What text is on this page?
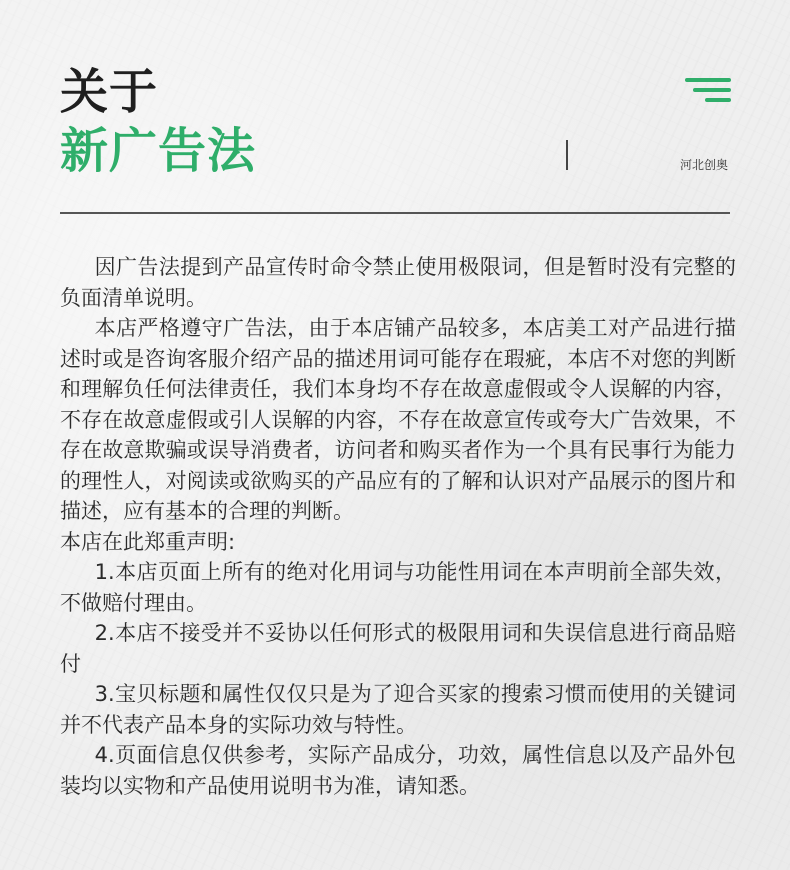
关于
新广告法	河北创奥

因广告法提到产品宣传时命令禁止使用极限词，但是暂时没有完整的负面清单说明。

本店严格遵守广告法，由于本店铺产品较多，本店美工对产品进行描述时或是咨询客服介绍产品的描述用词可能存在瑕疵，本店不对您的判断和理解负任何法律责任，我们本身均不存在故意虚假或令人误解的内容，不存在故意虚假或引人误解的内容，不存在故意宣传或夸大广告效果，不存在故意欺骗或误导消费者，访问者和购买者作为一个具有民事行为能力的理性人，对阅读或欲购买的产品应有的了解和认识对产品展示的图片和描述，应有基本的合理的判断。

本店在此郑重声明:

1.本店页面上所有的绝对化用词与功能性用词在本声明前全部失效，不做赔付理由。

2.本店不接受并不妥协以任何形式的极限用词和失误信息进行商品赔付

3.宝贝标题和属性仅仅只是为了迎合买家的搜索习惯而使用的关键词并不代表产品本身的实际功效与特性。

4.页面信息仅供参考，实际产品成分，功效，属性信息以及产品外包装均以实物和产品使用说明书为准，请知悉。
